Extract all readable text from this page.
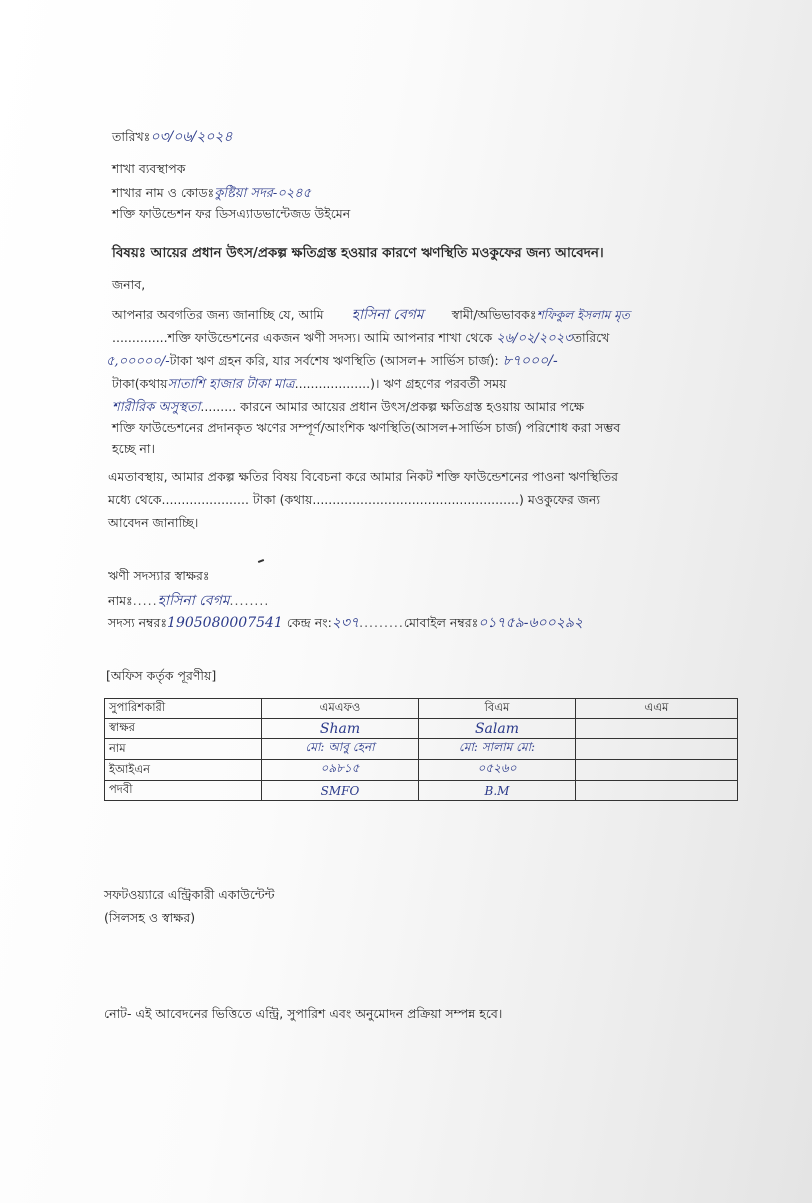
তারিখঃ০৩/০৬/২০২৪
শাখা ব্যবস্থাপক
শাখার নাম ও কোডঃকুষ্টিয়া সদর-০২৪৫
শক্তি ফাউন্ডেশন ফর ডিসএ্যাডভান্টেজড উইমেন
বিষয়ঃ আয়ের প্রধান উৎস/প্রকল্প ক্ষতিগ্রস্ত হওয়ার কারণে ঋণস্থিতি মওকুফের জন্য আবেদন।
জনাব,
আপনার অবগতির জন্য জানাচ্ছি যে, আমি হাসিনা বেগম স্বামী/অভিভাবকঃশফিকুল ইসলাম মৃত
..............শক্তি ফাউন্ডেশনের একজন ঋণী সদস্য। আমি আপনার শাখা থেকে ২৬/০২/২০২৩তারিখে
৫,০০০০০/-টাকা ঋণ গ্রহন করি, যার সর্বশেষ ঋণস্থিতি (আসল+ সার্ভিস চার্জ): ৮৭০০০/-
টাকা(কথায়সাতাশি হাজার টাকা মাত্র...................)। ঋণ গ্রহণের পরবর্তী সময়
শারীরিক অসুস্থতা......... কারনে আমার আয়ের প্রধান উৎস/প্রকল্প ক্ষতিগ্রস্ত হওয়ায় আমার পক্ষে
শক্তি ফাউন্ডেশনের প্রদানকৃত ঋণের সম্পূর্ণ/আংশিক ঋণস্থিতি(আসল+সার্ভিস চার্জ) পরিশোধ করা সম্ভব
হচ্ছে না।
এমতাবস্থায়, আমার প্রকল্প ক্ষতির বিষয় বিবেচনা করে আমার নিকট শক্তি ফাউন্ডেশনের পাওনা ঋণস্থিতির
মধ্যে থেকে...................... টাকা (কথায়....................................................) মওকুফের জন্য
আবেদন জানাচ্ছি।
ঋণী সদস্যার স্বাক্ষরঃ
নামঃ.....হাসিনা বেগম........
সদস্য নম্বরঃ1905080007541 কেন্দ্র নং:২৩৭.........মোবাইল নম্বরঃ০১৭৫৯-৬০০২৯২
[অফিস কর্তৃক পূরণীয়]
সুপারিশকারী	এমএফও	বিএম	এএম
স্বাক্ষর	Sham	Salam	
নাম	মো: আবু হেনা	মো: সালাম মো:	
ইআইএন	০৯৮১৫	০৫২৬০	
পদবী	SMFO	B.M	
সফটওয়্যারে এন্ট্রিকারী একাউন্টেন্ট
(সিলসহ ও স্বাক্ষর)
নোট- এই আবেদনের ভিত্তিতে এন্ট্রি, সুপারিশ এবং অনুমোদন প্রক্রিয়া সম্পন্ন হবে।
